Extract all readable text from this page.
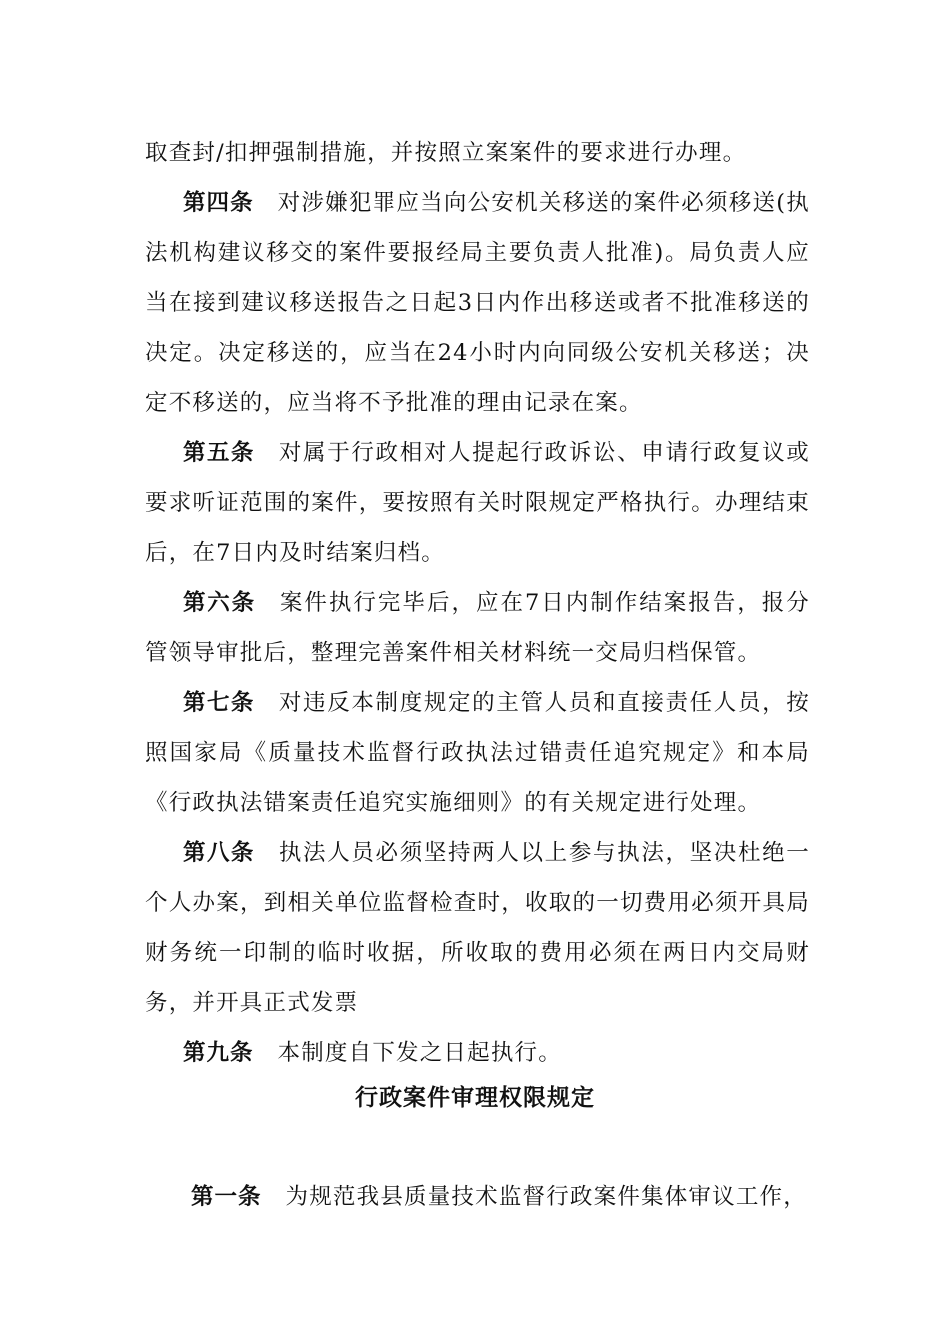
取查封/扣押强制措施，并按照立案案件的要求进行办理。

第四条 对涉嫌犯罪应当向公安机关移送的案件必须移送(执法机构建议移交的案件要报经局主要负责人批准)。局负责人应当在接到建议移送报告之日起3日内作出移送或者不批准移送的决定。决定移送的，应当在24小时内向同级公安机关移送；决定不移送的，应当将不予批准的理由记录在案。

第五条 对属于行政相对人提起行政诉讼、申请行政复议或要求听证范围的案件，要按照有关时限规定严格执行。办理结束后，在7日内及时结案归档。

第六条 案件执行完毕后，应在7日内制作结案报告，报分管领导审批后，整理完善案件相关材料统一交局归档保管。

第七条 对违反本制度规定的主管人员和直接责任人员，按照国家局《质量技术监督行政执法过错责任追究规定》和本局《行政执法错案责任追究实施细则》的有关规定进行处理。

第八条 执法人员必须坚持两人以上参与执法，坚决杜绝一个人办案，到相关单位监督检查时，收取的一切费用必须开具局财务统一印制的临时收据，所收取的费用必须在两日内交局财务，并开具正式发票

第九条 本制度自下发之日起执行。

行政案件审理权限规定

第一条 为规范我县质量技术监督行政案件集体审议工作，
